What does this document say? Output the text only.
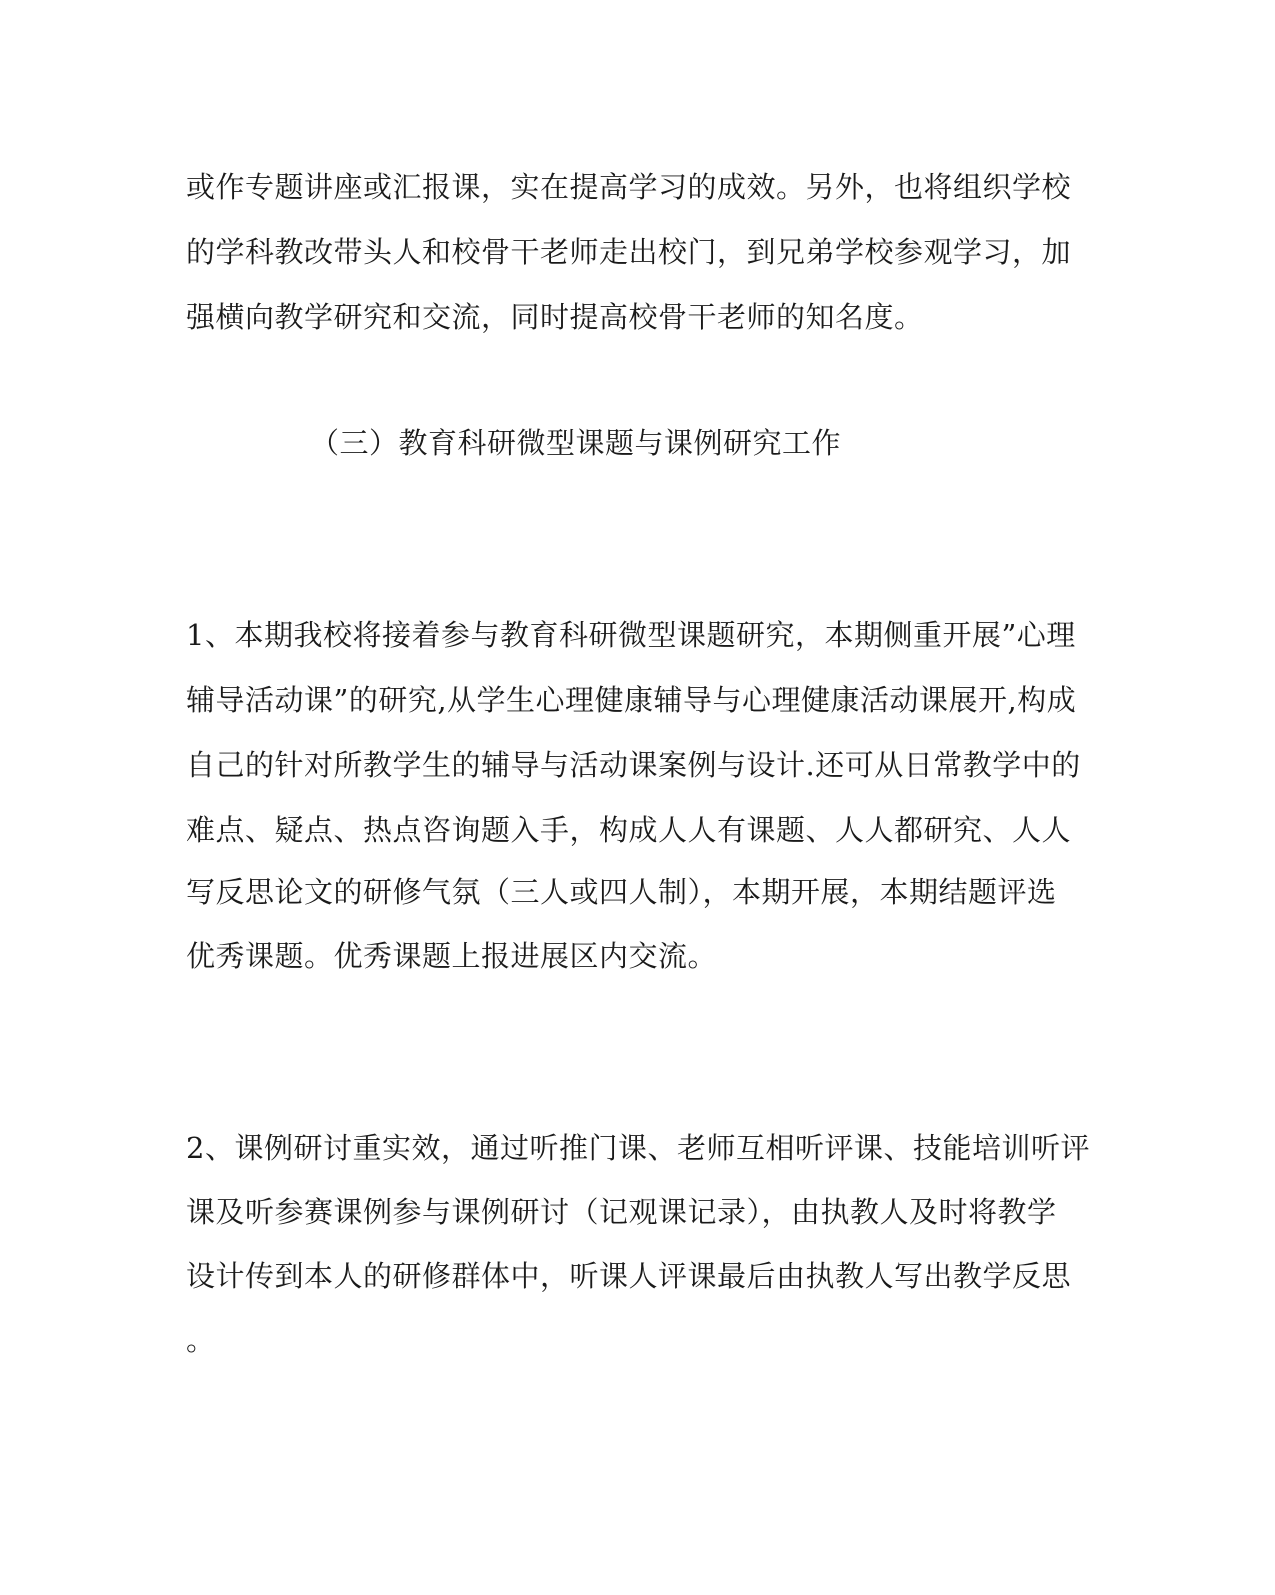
或作专题讲座或汇报课，实在提高学习的成效。另外，也将组织学校
的学科教改带头人和校骨干老师走出校门，到兄弟学校参观学习，加
强横向教学研究和交流，同时提高校骨干老师的知名度。
（三）教育科研微型课题与课例研究工作
1、本期我校将接着参与教育科研微型课题研究，本期侧重开展”心理
辅导活动课”的研究,从学生心理健康辅导与心理健康活动课展开,构成
自己的针对所教学生的辅导与活动课案例与设计.还可从日常教学中的
难点、疑点、热点咨询题入手，构成人人有课题、人人都研究、人人
写反思论文的研修气氛（三人或四人制），本期开展，本期结题评选
优秀课题。优秀课题上报进展区内交流。
2、课例研讨重实效，通过听推门课、老师互相听评课、技能培训听评
课及听参赛课例参与课例研讨（记观课记录），由执教人及时将教学
设计传到本人的研修群体中，听课人评课最后由执教人写出教学反思
。
